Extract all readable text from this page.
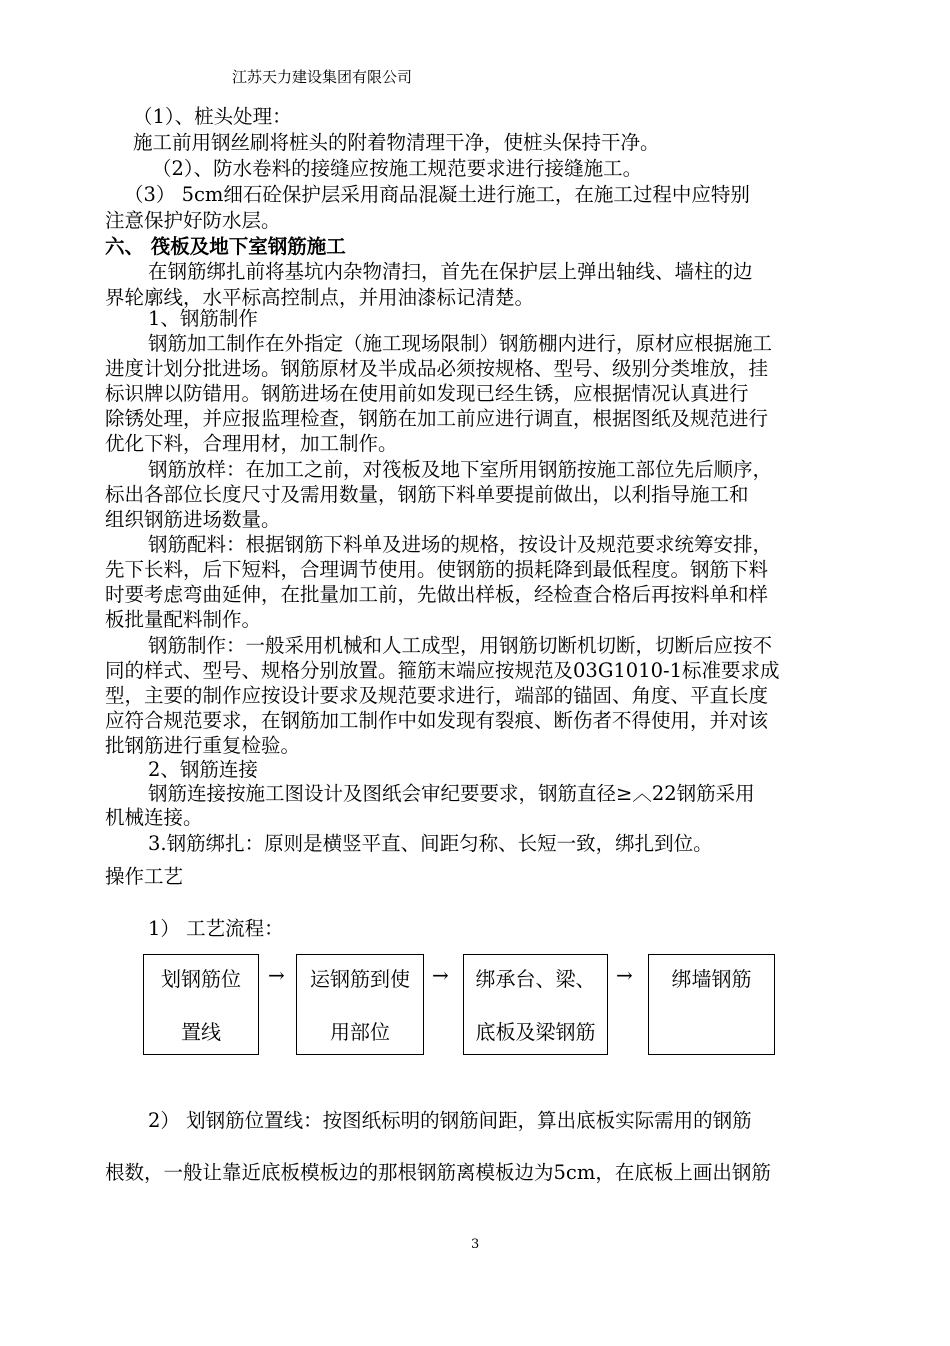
江苏天力建设集团有限公司
（1）、桩头处理：
施工前用钢丝刷将桩头的附着物清理干净，使桩头保持干净。
（2）、防水卷料的接缝应按施工规范要求进行接缝施工。
（3） 5cm细石砼保护层采用商品混凝土进行施工，在施工过程中应特别
注意保护好防水层。
六、 筏板及地下室钢筋施工
在钢筋绑扎前将基坑内杂物清扫，首先在保护层上弹出轴线、墙柱的边
界轮廓线，水平标高控制点，并用油漆标记清楚。
1、钢筋制作
钢筋加工制作在外指定（施工现场限制）钢筋棚内进行，原材应根据施工
进度计划分批进场。钢筋原材及半成品必须按规格、型号、级别分类堆放，挂
标识牌以防错用。钢筋进场在使用前如发现已经生锈，应根据情况认真进行
除锈处理，并应报监理检查，钢筋在加工前应进行调直，根据图纸及规范进行
优化下料，合理用材，加工制作。
钢筋放样：在加工之前，对筏板及地下室所用钢筋按施工部位先后顺序，
标出各部位长度尺寸及需用数量，钢筋下料单要提前做出，以利指导施工和
组织钢筋进场数量。
钢筋配料：根据钢筋下料单及进场的规格，按设计及规范要求统筹安排，
先下长料，后下短料，合理调节使用。使钢筋的损耗降到最低程度。钢筋下料
时要考虑弯曲延伸，在批量加工前，先做出样板，经检查合格后再按料单和样
板批量配料制作。
钢筋制作：一般采用机械和人工成型，用钢筋切断机切断，切断后应按不
同的样式、型号、规格分别放置。箍筋末端应按规范及03G1010-1标准要求成
型，主要的制作应按设计要求及规范要求进行，端部的锚固、角度、平直长度
应符合规范要求，在钢筋加工制作中如发现有裂痕、断伤者不得使用，并对该
批钢筋进行重复检验。
2、钢筋连接
钢筋连接按施工图设计及图纸会审纪要要求，钢筋直径≥︿22钢筋采用
机械连接。
3.钢筋绑扎：原则是横竖平直、间距匀称、长短一致，绑扎到位。
操作工艺
1） 工艺流程：
划钢筋位
置线
→	运钢筋到使
用部位
→	绑承台、梁、
底板及梁钢筋
→	绑墙钢筋
2） 划钢筋位置线：按图纸标明的钢筋间距，算出底板实际需用的钢筋
根数，一般让靠近底板模板边的那根钢筋离模板边为5cm，在底板上画出钢筋
3
